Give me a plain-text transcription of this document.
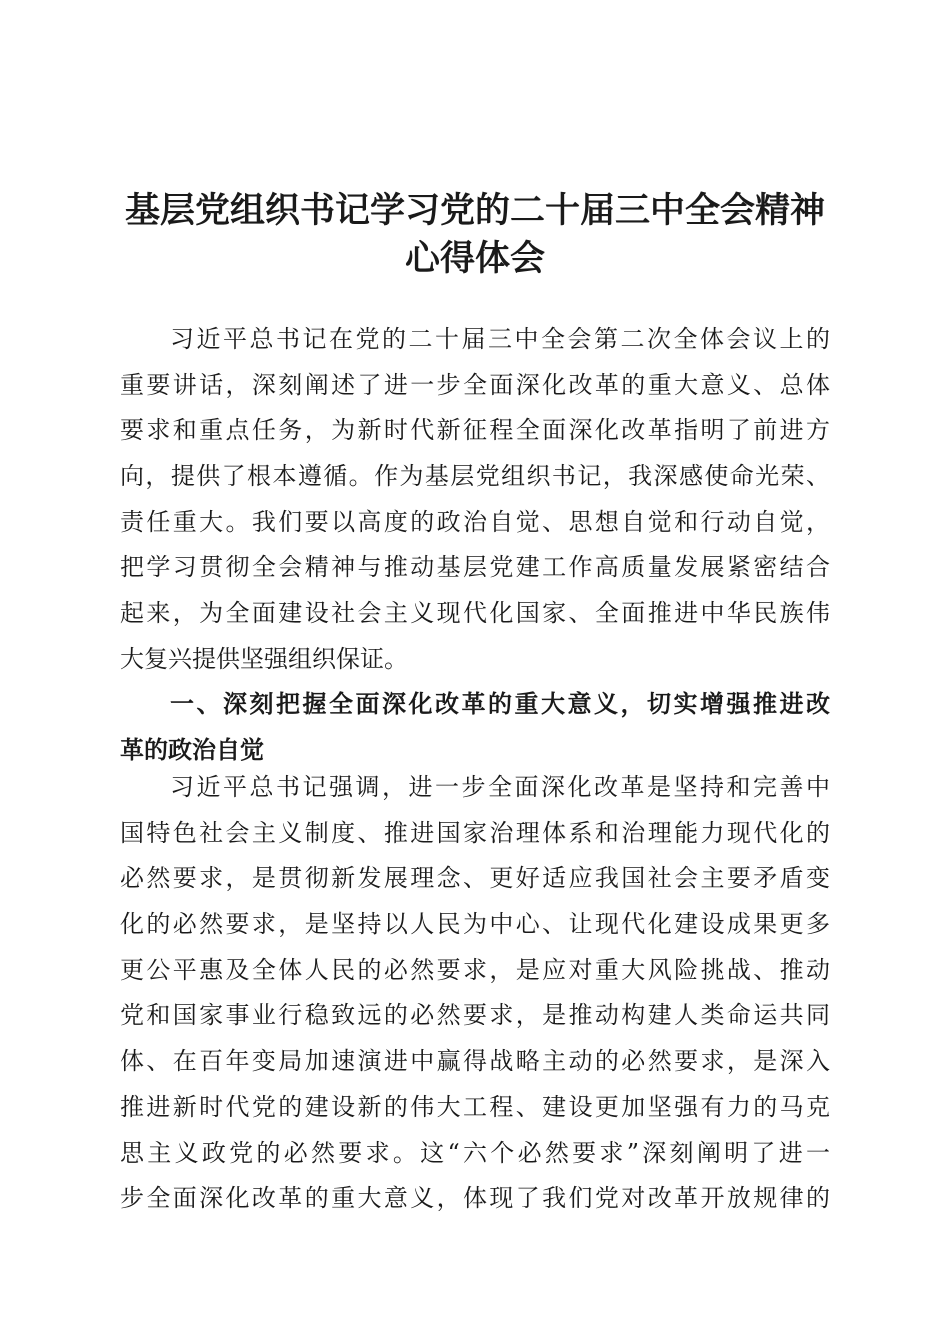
基层党组织书记学习党的二十届三中全会精神
心得体会
习近平总书记在党的二十届三中全会第二次全体会议上的
重要讲话，深刻阐述了进一步全面深化改革的重大意义、总体
要求和重点任务，为新时代新征程全面深化改革指明了前进方
向，提供了根本遵循。作为基层党组织书记，我深感使命光荣、
责任重大。我们要以高度的政治自觉、思想自觉和行动自觉，
把学习贯彻全会精神与推动基层党建工作高质量发展紧密结合
起来，为全面建设社会主义现代化国家、全面推进中华民族伟
大复兴提供坚强组织保证。
一、深刻把握全面深化改革的重大意义，切实增强推进改
革的政治自觉
习近平总书记强调，进一步全面深化改革是坚持和完善中
国特色社会主义制度、推进国家治理体系和治理能力现代化的
必然要求，是贯彻新发展理念、更好适应我国社会主要矛盾变
化的必然要求，是坚持以人民为中心、让现代化建设成果更多
更公平惠及全体人民的必然要求，是应对重大风险挑战、推动
党和国家事业行稳致远的必然要求，是推动构建人类命运共同
体、在百年变局加速演进中赢得战略主动的必然要求，是深入
推进新时代党的建设新的伟大工程、建设更加坚强有力的马克
思主义政党的必然要求。这“六个必然要求”深刻阐明了进一
步全面深化改革的重大意义，体现了我们党对改革开放规律的
